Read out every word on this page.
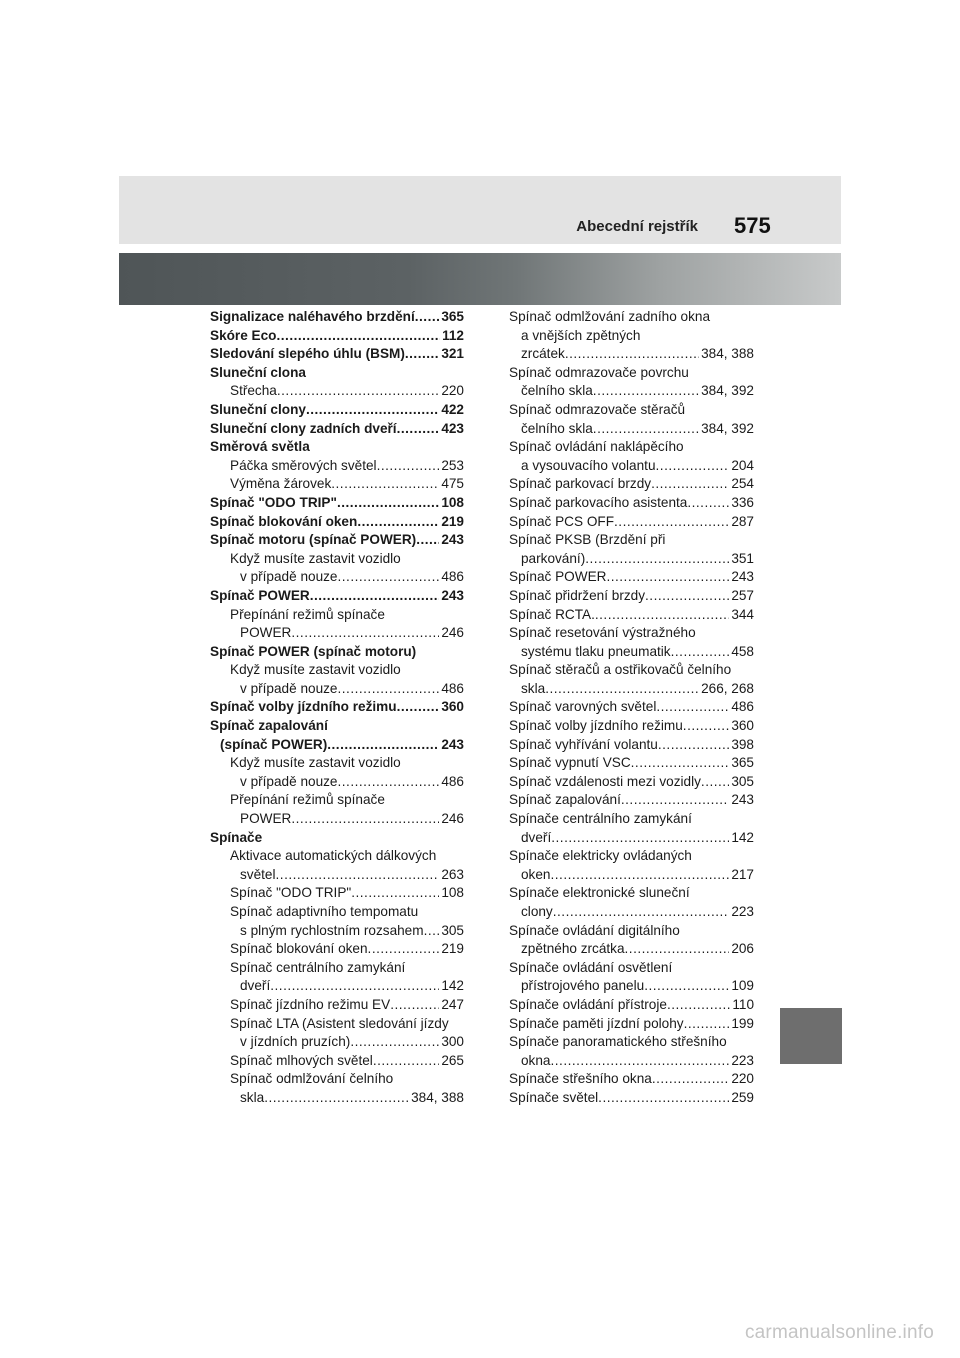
Abecední rejstřík 575
Signalizace naléhavého brzdění ..... 365
Skóre Eco .....	112
Sledování slepého úhlu (BSM) .....	321
Sluneční clona
Střecha .....	220
Sluneční clony .....	422
Sluneční clony zadních dveří .....	423
Směrová světla
Páčka směrových světel .....	253
Výměna žárovek .....	475
Spínač "ODO TRIP" .....	108
Spínač blokování oken .....	219
Spínač motoru (spínač POWER) ..... 243
Když musíte zastavit vozidlo
v případě nouze .....	486
Spínač POWER .....	243
Přepínání režimů spínače
POWER .....	246
Spínač POWER (spínač motoru)
Když musíte zastavit vozidlo
v případě nouze .....	486
Spínač volby jízdního režimu .....	360
Spínač zapalování
(spínač POWER) .....	243
Když musíte zastavit vozidlo
v případě nouze .....	486
Přepínání režimů spínače
POWER .....	246
Spínače
Aktivace automatických dálkových
světel .....	263
Spínač "ODO TRIP" .....	108
Spínač adaptivního tempomatu
s plným rychlostním rozsahem ..... 305
Spínač blokování oken .....	219
Spínač centrálního zamykání
dveří .....	142
Spínač jízdního režimu EV .....	247
Spínač LTA (Asistent sledování jízdy
v jízdních pruzích) .....	300
Spínač mlhových světel .....	265
Spínač odmlžování čelního
skla .....	384, 388
Spínač odmlžování zadního okna
a vnějších zpětných
zrcátek .....	384, 388
Spínač odmrazovače povrchu
čelního skla .....	384, 392
Spínač odmrazovače stěračů
čelního skla .....	384, 392
Spínač ovládání naklápěcího
a vysouvacího volantu .....	204
Spínač parkovací brzdy .....	254
Spínač parkovacího asistenta .....	336
Spínač PCS OFF .....	287
Spínač PKSB (Brzdění při
parkování) .....	351
Spínač POWER .....	243
Spínač přidržení brzdy .....	257
Spínač RCTA. .....	344
Spínač resetování výstražného
systému tlaku pneumatik .....	458
Spínač stěračů a ostřikovačů čelního
skla .....	266, 268
Spínač varovných světel .....	486
Spínač volby jízdního režimu .....	360
Spínač vyhřívání volantu .....	398
Spínač vypnutí VSC .....	365
Spínač vzdálenosti mezi vozidly ..... 305
Spínač zapalování .....	243
Spínače centrálního zamykání
dveří .....	142
Spínače elektricky ovládaných
oken .....	217
Spínače elektronické sluneční
clony .....	223
Spínače ovládání digitálního
zpětného zrcátka .....	206
Spínače ovládání osvětlení
přístrojového panelu .....	109
Spínače ovládání přístroje .....	110
Spínače paměti jízdní polohy .....	199
Spínače panoramatického střešního
okna .....	223
Spínače střešního okna .....	220
Spínače světel .....	259
carmanualsonline.info
